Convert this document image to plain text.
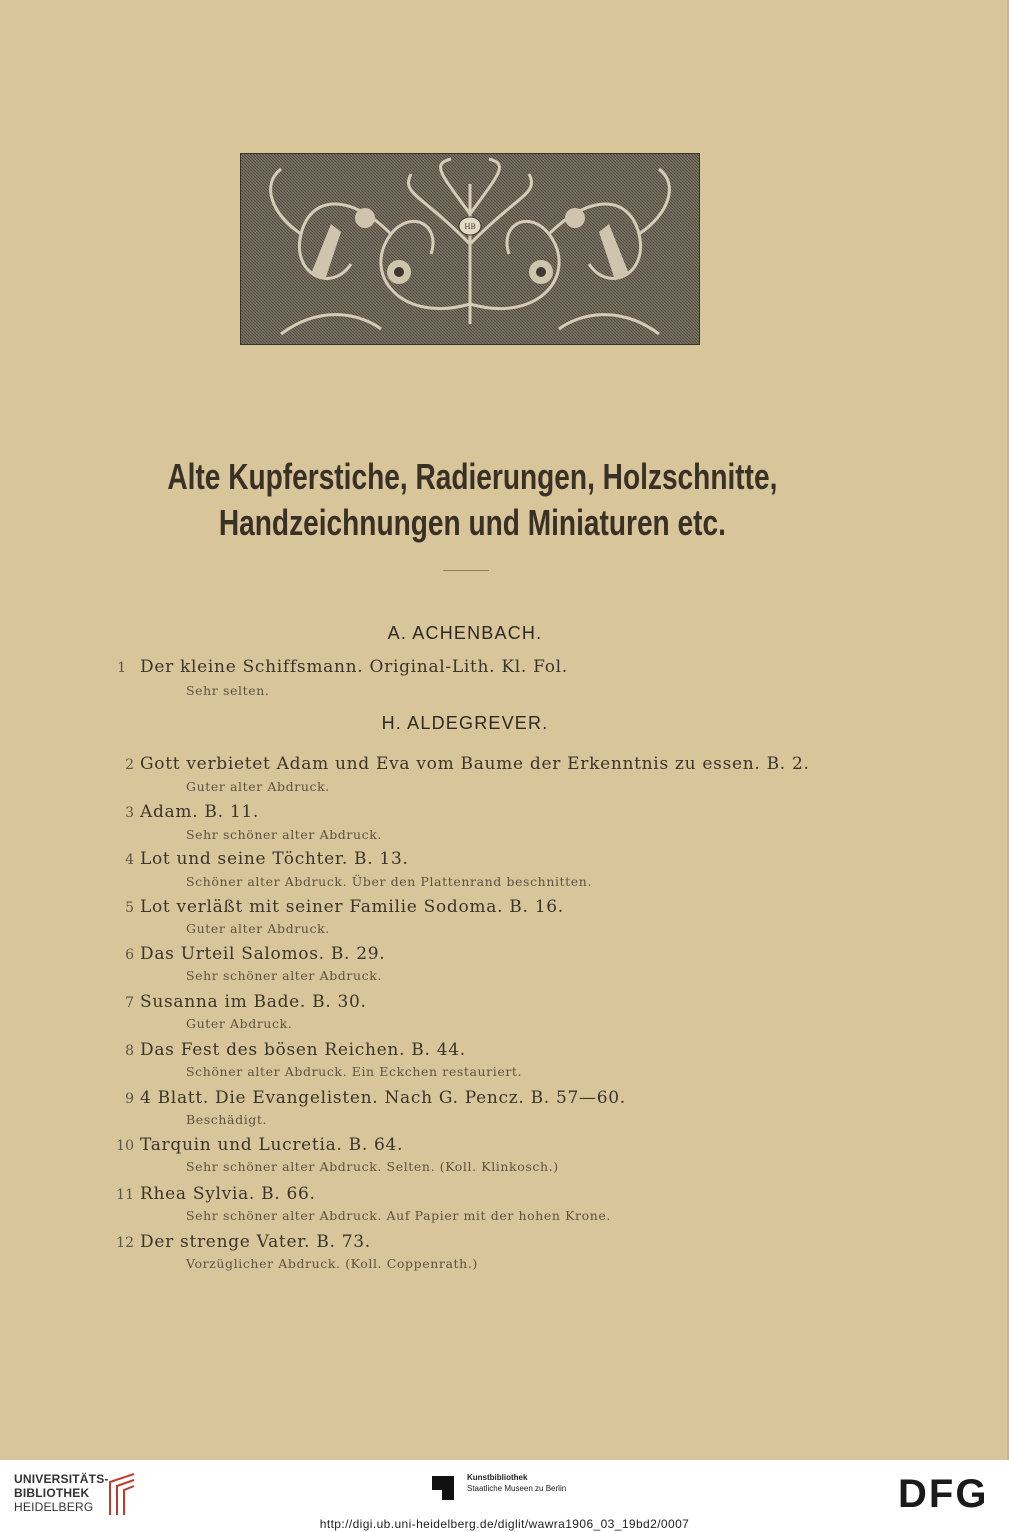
HB
Alte Kupferstiche, Radierungen, Holzschnitte,
Handzeichnungen und Miniaturen etc.
A. ACHENBACH.
1 Der kleine Schiffsmann. Original-Lith. Kl. Fol.
Sehr selten.
H. ALDEGREVER.
2 Gott verbietet Adam und Eva vom Baume der Erkenntnis zu essen. B. 2.
Guter alter Abdruck.
3 Adam. B. 11.
Sehr schöner alter Abdruck.
4 Lot und seine Töchter. B. 13.
Schöner alter Abdruck. Über den Plattenrand beschnitten.
5 Lot verläßt mit seiner Familie Sodoma. B. 16.
Guter alter Abdruck.
6 Das Urteil Salomos. B. 29.
Sehr schöner alter Abdruck.
7 Susanna im Bade. B. 30.
Guter Abdruck.
8 Das Fest des bösen Reichen. B. 44.
Schöner alter Abdruck. Ein Eckchen restauriert.
9 4 Blatt. Die Evangelisten. Nach G. Pencz. B. 57—60.
Beschädigt.
10 Tarquin und Lucretia. B. 64.
Sehr schöner alter Abdruck. Selten. (Koll. Klinkosch.)
11 Rhea Sylvia. B. 66.
Sehr schöner alter Abdruck. Auf Papier mit der hohen Krone.
12 Der strenge Vater. B. 73.
Vorzüglicher Abdruck. (Koll. Coppenrath.)
UNIVERSITÄTS-
BIBLIOTHEK
HEIDELBERG
Kunstbibliothek
Staatliche Museen zu Berlin	DFG
http://digi.ub.uni-heidelberg.de/diglit/wawra1906_03_19bd2/0007
